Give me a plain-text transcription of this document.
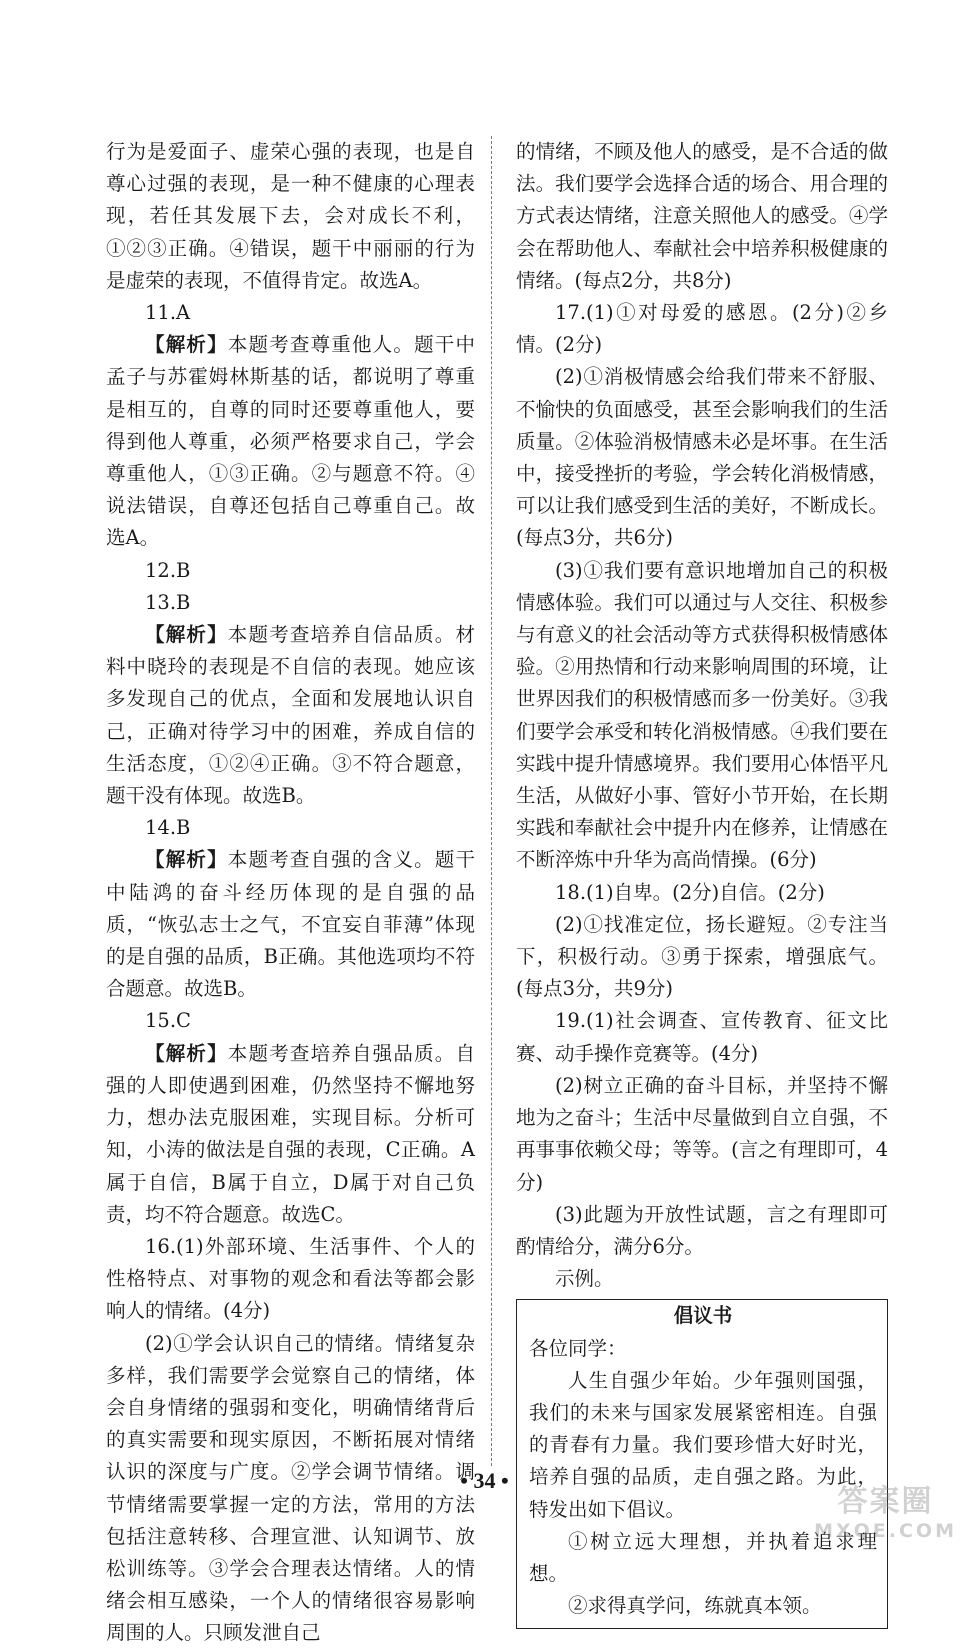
行为是爱面子、虚荣心强的表现，也是自尊心过强的表现，是一种不健康的心理表现，若任其发展下去，会对成长不利，①②③正确。④错误，题干中丽丽的行为是虚荣的表现，不值得肯定。故选A。

11.A

【解析】本题考查尊重他人。题干中孟子与苏霍姆林斯基的话，都说明了尊重是相互的，自尊的同时还要尊重他人，要得到他人尊重，必须严格要求自己，学会尊重他人，①③正确。②与题意不符。④说法错误，自尊还包括自己尊重自己。故选A。

12.B

13.B

【解析】本题考查培养自信品质。材料中晓玲的表现是不自信的表现。她应该多发现自己的优点，全面和发展地认识自己，正确对待学习中的困难，养成自信的生活态度，①②④正确。③不符合题意，题干没有体现。故选B。

14.B

【解析】本题考查自强的含义。题干中陆鸿的奋斗经历体现的是自强的品质，“恢弘志士之气，不宜妄自菲薄”体现的是自强的品质，B正确。其他选项均不符合题意。故选B。

15.C

【解析】本题考查培养自强品质。自强的人即使遇到困难，仍然坚持不懈地努力，想办法克服困难，实现目标。分析可知，小涛的做法是自强的表现，C正确。A属于自信，B属于自立，D属于对自己负责，均不符合题意。故选C。

16.(1)外部环境、生活事件、个人的性格特点、对事物的观念和看法等都会影响人的情绪。(4分)

(2)①学会认识自己的情绪。情绪复杂多样，我们需要学会觉察自己的情绪，体会自身情绪的强弱和变化，明确情绪背后的真实需要和现实原因，不断拓展对情绪认识的深度与广度。②学会调节情绪。调节情绪需要掌握一定的方法，常用的方法包括注意转移、合理宣泄、认知调节、放松训练等。③学会合理表达情绪。人的情绪会相互感染，一个人的情绪很容易影响周围的人。只顾发泄自己

的情绪，不顾及他人的感受，是不合适的做法。我们要学会选择合适的场合、用合理的方式表达情绪，注意关照他人的感受。④学会在帮助他人、奉献社会中培养积极健康的情绪。(每点2分，共8分)

17.(1)①对母爱的感恩。(2分)②乡情。(2分)

(2)①消极情感会给我们带来不舒服、不愉快的负面感受，甚至会影响我们的生活质量。②体验消极情感未必是坏事。在生活中，接受挫折的考验，学会转化消极情感，可以让我们感受到生活的美好，不断成长。(每点3分，共6分)

(3)①我们要有意识地增加自己的积极情感体验。我们可以通过与人交往、积极参与有意义的社会活动等方式获得积极情感体验。②用热情和行动来影响周围的环境，让世界因我们的积极情感而多一份美好。③我们要学会承受和转化消极情感。④我们要在实践中提升情感境界。我们要用心体悟平凡生活，从做好小事、管好小节开始，在长期实践和奉献社会中提升内在修养，让情感在不断淬炼中升华为高尚情操。(6分)

18.(1)自卑。(2分)自信。(2分)

(2)①找准定位，扬长避短。②专注当下，积极行动。③勇于探索，增强底气。(每点3分，共9分)

19.(1)社会调查、宣传教育、征文比赛、动手操作竞赛等。(4分)

(2)树立正确的奋斗目标，并坚持不懈地为之奋斗；生活中尽量做到自立自强，不再事事依赖父母；等等。(言之有理即可，4分)

(3)此题为开放性试题，言之有理即可酌情给分，满分6分。

示例。

倡议书

各位同学：

人生自强少年始。少年强则国强，我们的未来与国家发展紧密相连。自强的青春有力量。我们要珍惜大好时光，培养自强的品质，走自强之路。为此，特发出如下倡议。

①树立远大理想，并执着追求理想。

②求得真学问，练就真本领。

• 34 •
答案圈
MXQE.COM
